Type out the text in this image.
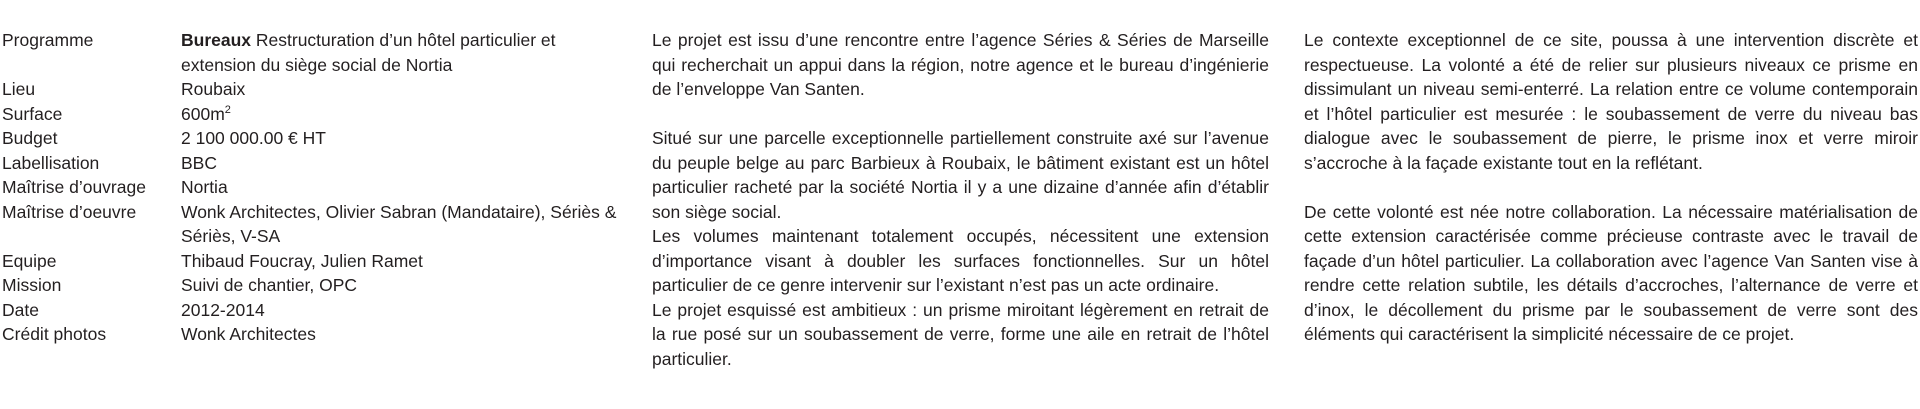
Programme	Bureaux Restructuration d’un hôtel particulier et extension du siège social de Nortia
Lieu	Roubaix
Surface	$600m^2$
Budget	2 100 000.00 € HT
Labellisation	BBC
Maîtrise d’ouvrage	Nortia
Maîtrise d’oeuvre	Wonk Architectes, Olivier Sabran (Mandataire), Sériès & Sériès, V-SA
Equipe	Thibaud Foucray, Julien Ramet
Mission	Suivi de chantier, OPC
Date	2012-2014
Crédit photos	Wonk Architectes

Le projet est issu d’une rencontre entre l’agence Séries & Séries de Marseille qui recherchait un appui dans la région, notre agence et le bureau d’ingénierie de l’enveloppe Van Santen.

Situé sur une parcelle exceptionnelle partiellement construite axé sur l’avenue du peuple belge au parc Barbieux à Roubaix, le bâtiment existant est un hôtel particulier racheté par la société Nortia il y a une dizaine d’année afin d’établir son siège social.

Les volumes maintenant totalement occupés, nécessitent une extension d’importance visant à doubler les surfaces fonctionnelles. Sur un hôtel particulier de ce genre intervenir sur l’existant n’est pas un acte ordinaire.

Le projet esquissé est ambitieux : un prisme miroitant légèrement en retrait de la rue posé sur un soubassement de verre, forme une aile en retrait de l’hôtel particulier.

Le contexte exceptionnel de ce site, poussa à une intervention discrète et respectueuse. La volonté a été de relier sur plusieurs niveaux ce prisme en dissimulant un niveau semi-enterré. La relation entre ce volume contemporain et l’hôtel particulier est mesurée : le soubassement de verre du niveau bas dialogue avec le soubassement de pierre, le prisme inox et verre miroir s’accroche à la façade existante tout en la reflétant.

De cette volonté est née notre collaboration. La nécessaire matérialisation de cette extension caractérisée comme précieuse contraste avec le travail de façade d’un hôtel particulier. La collaboration avec l’agence Van Santen vise à rendre cette relation subtile, les détails d’accroches, l’alternance de verre et d’inox, le décollement du prisme par le soubassement de verre sont des éléments qui caractérisent la simplicité nécessaire de ce projet.
